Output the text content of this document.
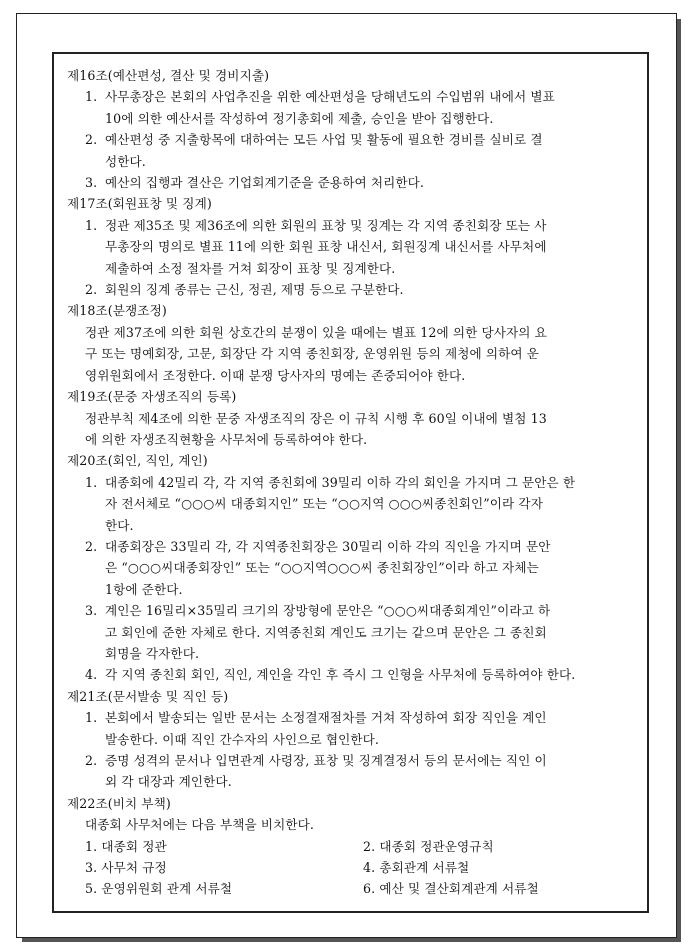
제16조(예산편성, 결산 및 경비지출)
1. 사무총장은 본회의 사업추진을 위한 예산편성을 당해년도의 수입범위 내에서 별표
10에 의한 예산서를 작성하여 정기총회에 제출, 승인을 받아 집행한다.
2. 예산편성 중 지출항목에 대하여는 모든 사업 및 활동에 필요한 경비를 실비로 결
성한다.
3. 예산의 집행과 결산은 기업회계기준을 준용하여 처리한다.
제17조(회원표창 및 징계)
1. 정관 제35조 및 제36조에 의한 회원의 표창 및 징계는 각 지역 종친회장 또는 사
무총장의 명의로 별표 11에 의한 회원 표창 내신서, 회원징계 내신서를 사무처에
제출하여 소정 절차를 거쳐 회장이 표창 및 징계한다.
2. 회원의 징계 종류는 근신, 정권, 제명 등으로 구분한다.
제18조(분쟁조정)
정관 제37조에 의한 회원 상호간의 분쟁이 있을 때에는 별표 12에 의한 당사자의 요
구 또는 명예회장, 고문, 회장단 각 지역 종친회장, 운영위원 등의 제청에 의하여 운
영위원회에서 조정한다. 이때 분쟁 당사자의 명예는 존중되어야 한다.
제19조(문중 자생조직의 등록)
정관부칙 제4조에 의한 문중 자생조직의 장은 이 규칙 시행 후 60일 이내에 별첨 13
에 의한 자생조직현황을 사무처에 등록하여야 한다.
제20조(회인, 직인, 계인)
1. 대종회에 42밀리 각, 각 지역 종친회에 39밀리 이하 각의 회인을 가지며 그 문안은 한
자 전서체로 “○○○씨 대종회지인” 또는 “○○지역 ○○○씨종친회인”이라 각자
한다.
2. 대종회장은 33밀리 각, 각 지역종친회장은 30밀리 이하 각의 직인을 가지며 문안
은 “○○○씨대종회장인” 또는 “○○지역○○○씨 종친회장인”이라 하고 자체는
1항에 준한다.
3. 계인은 16밀리×35밀리 크기의 장방형에 문안은 “○○○씨대종회계인”이라고 하
고 회인에 준한 자체로 한다. 지역종친회 계인도 크기는 같으며 문안은 그 종친회
회명을 각자한다.
4. 각 지역 종친회 회인, 직인, 계인을 각인 후 즉시 그 인형을 사무처에 등록하여야 한다.
제21조(문서발송 및 직인 등)
1. 본회에서 발송되는 일반 문서는 소정결재절차를 거쳐 작성하여 회장 직인을 계인
발송한다. 이때 직인 간수자의 사인으로 협인한다.
2. 증명 성격의 문서나 입면관계 사령장, 표창 및 징계결정서 등의 문서에는 직인 이
외 각 대장과 계인한다.
제22조(비치 부책)
대종회 사무처에는 다음 부책을 비치한다.
1. 대종회 정관	2. 대종회 정관운영규칙
3. 사무처 규정	4. 총회관계 서류철
5. 운영위원회 관계 서류철	6. 예산 및 결산회계관계 서류철
